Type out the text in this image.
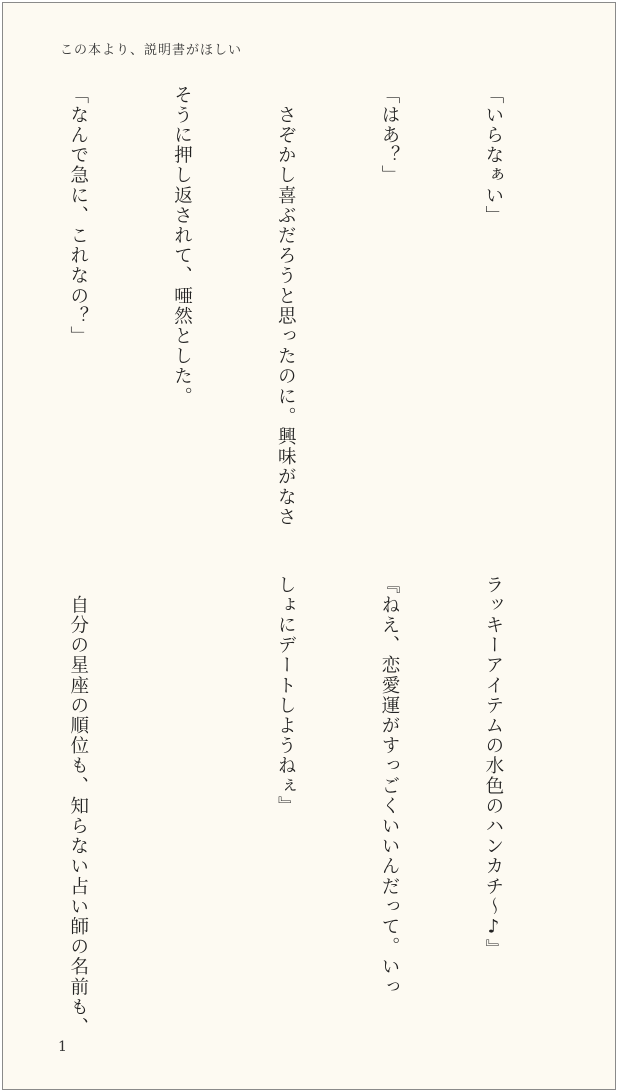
この本より、説明書がほしい

「いらなぁい」

「はあ？」

　さぞかし喜ぶだろうと思ったのに。興味がなさ

そうに押し返されて、唖然とした。

「なんで急に、これなの？」

ラッキーアイテムの水色のハンカチ〜♪』

『ねえ、恋愛運がすっごくいいんだって。いっ

しょにデートしようねぇ』

　自分の星座の順位も、知らない占い師の名前も、

1
